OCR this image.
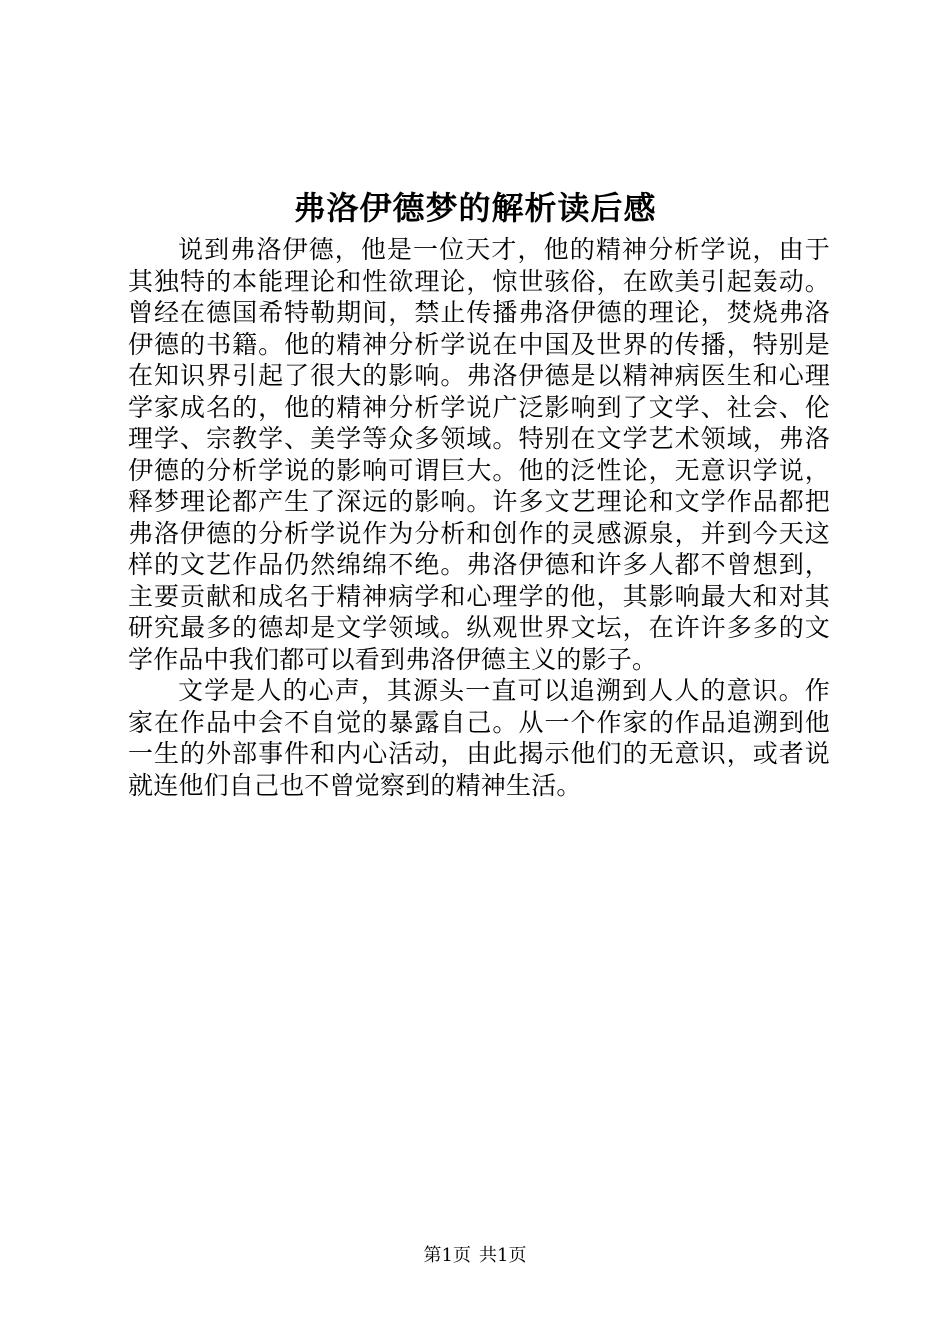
弗洛伊德梦的解析读后感

说到弗洛伊德，他是一位天才，他的精神分析学说，由于其独特的本能理论和性欲理论，惊世骇俗，在欧美引起轰动。曾经在德国希特勒期间，禁止传播弗洛伊德的理论，焚烧弗洛伊德的书籍。他的精神分析学说在中国及世界的传播，特别是在知识界引起了很大的影响。弗洛伊德是以精神病医生和心理学家成名的，他的精神分析学说广泛影响到了文学、社会、伦理学、宗教学、美学等众多领域。特别在文学艺术领域，弗洛伊德的分析学说的影响可谓巨大。他的泛性论，无意识学说，释梦理论都产生了深远的影响。许多文艺理论和文学作品都把弗洛伊德的分析学说作为分析和创作的灵感源泉，并到今天这样的文艺作品仍然绵绵不绝。弗洛伊德和许多人都不曾想到，主要贡献和成名于精神病学和心理学的他，其影响最大和对其研究最多的德却是文学领域。纵观世界文坛，在许许多多的文学作品中我们都可以看到弗洛伊德主义的影子。

文学是人的心声，其源头一直可以追溯到人人的意识。作家在作品中会不自觉的暴露自己。从一个作家的作品追溯到他一生的外部事件和内心活动，由此揭示他们的无意识，或者说就连他们自己也不曾觉察到的精神生活。

第1页 共1页
